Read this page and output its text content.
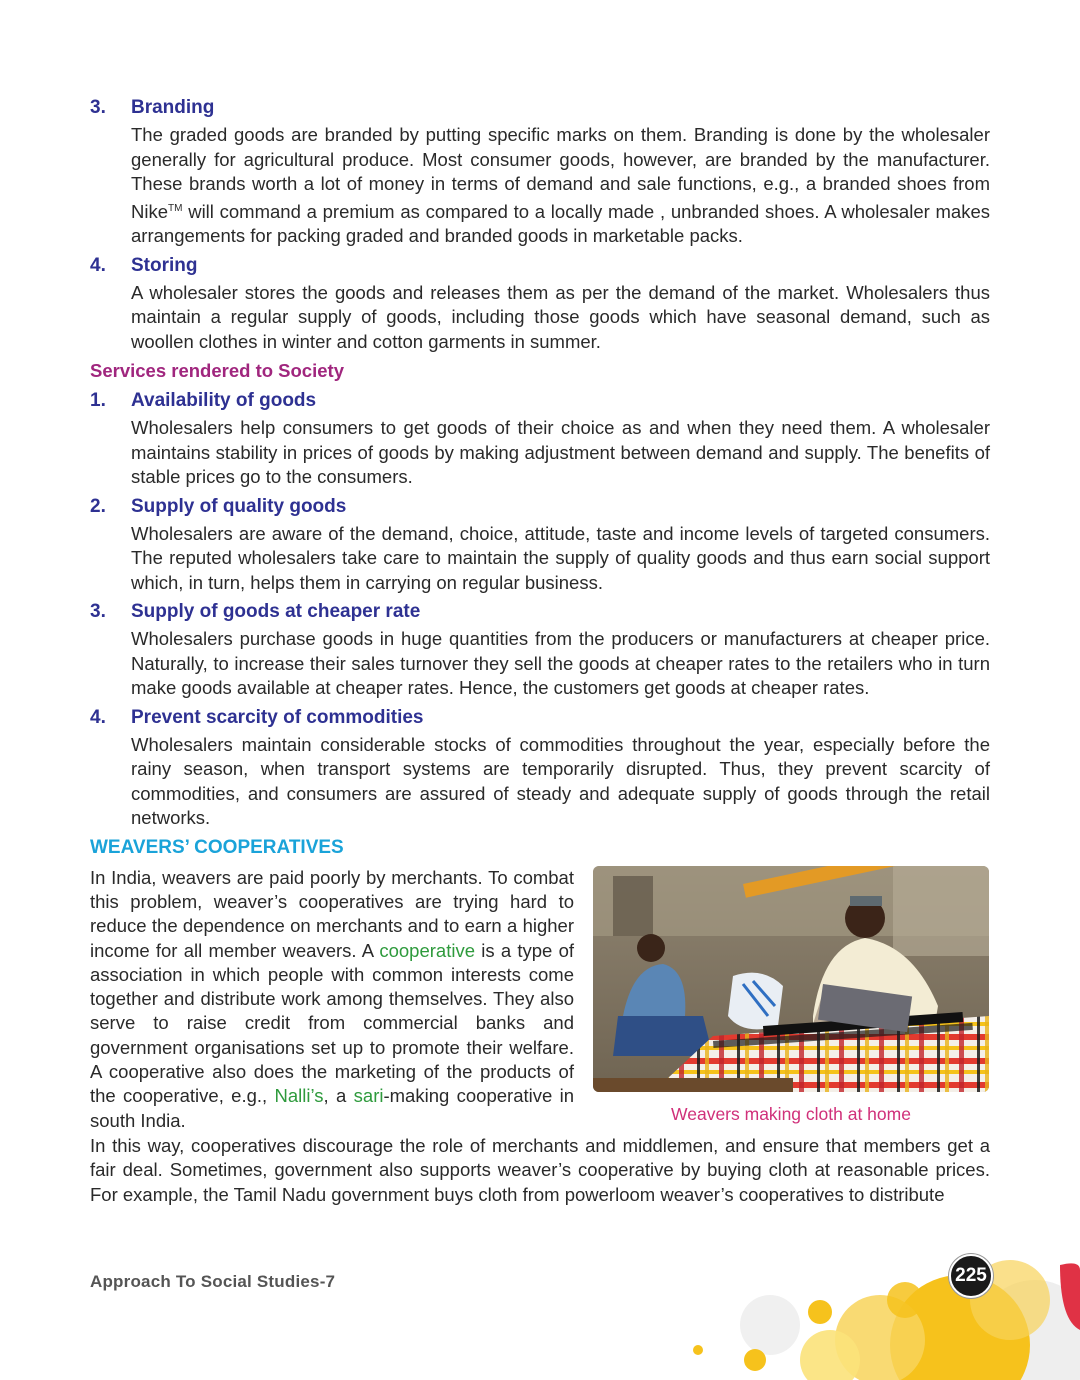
3.	Branding
The graded goods are branded by putting specific marks on them. Branding is done by the wholesaler generally for agricultural produce. Most consumer goods, however, are branded by the manufacturer. These brands worth a lot of money in terms of demand and sale functions, e.g., a branded shoes from Nike™ will command a premium as compared to a locally made , unbranded shoes. A wholesaler makes arrangements for packing graded and branded goods in marketable packs.
4.	Storing
A wholesaler stores the goods and releases them as per the demand of the market. Wholesalers thus maintain a regular supply of goods, including those goods which have seasonal demand, such as woollen clothes in winter and cotton garments in summer.
Services rendered to Society
1.	Availability of goods
Wholesalers help consumers to get goods of their choice as and when they need them. A wholesaler maintains stability in prices of goods by making adjustment between demand and supply. The benefits of stable prices go to the consumers.
2.	Supply of quality goods
Wholesalers are aware of the demand, choice, attitude, taste and income levels of targeted consumers. The reputed wholesalers take care to maintain the supply of quality goods and thus earn social support which, in turn, helps them in carrying on regular business.
3.	Supply of goods at cheaper rate
Wholesalers purchase goods in huge quantities from the producers or manufacturers at cheaper price. Naturally, to increase their sales turnover they sell the goods at cheaper rates to the retailers who in turn make goods available at cheaper rates. Hence, the customers get goods at cheaper rates.
4.	Prevent scarcity of commodities
Wholesalers maintain considerable stocks of commodities throughout the year, especially before the rainy season, when transport systems are temporarily disrupted. Thus, they prevent scarcity of commodities, and consumers are assured of steady and adequate supply of goods through the retail networks.
WEAVERS’ COOPERATIVES
In India, weavers are paid poorly by merchants. To combat this problem, weaver’s cooperatives are trying hard to reduce the dependence on merchants and to earn a higher income for all member weavers. A cooperative is a type of association in which people with common interests come together and distribute work among themselves. They also serve to raise credit from commercial banks and government organisations set up to promote their welfare. A cooperative also does the marketing of the products of the cooperative, e.g., Nalli’s, a sari-making cooperative in south India.	Weavers making cloth at home
In this way, cooperatives discourage the role of merchants and middlemen, and ensure that members get a fair deal. Sometimes, government also supports weaver’s cooperative by buying cloth at reasonable prices. For example, the Tamil Nadu government buys cloth from powerloom weaver’s cooperatives to distribute
Approach To Social Studies-7	225
